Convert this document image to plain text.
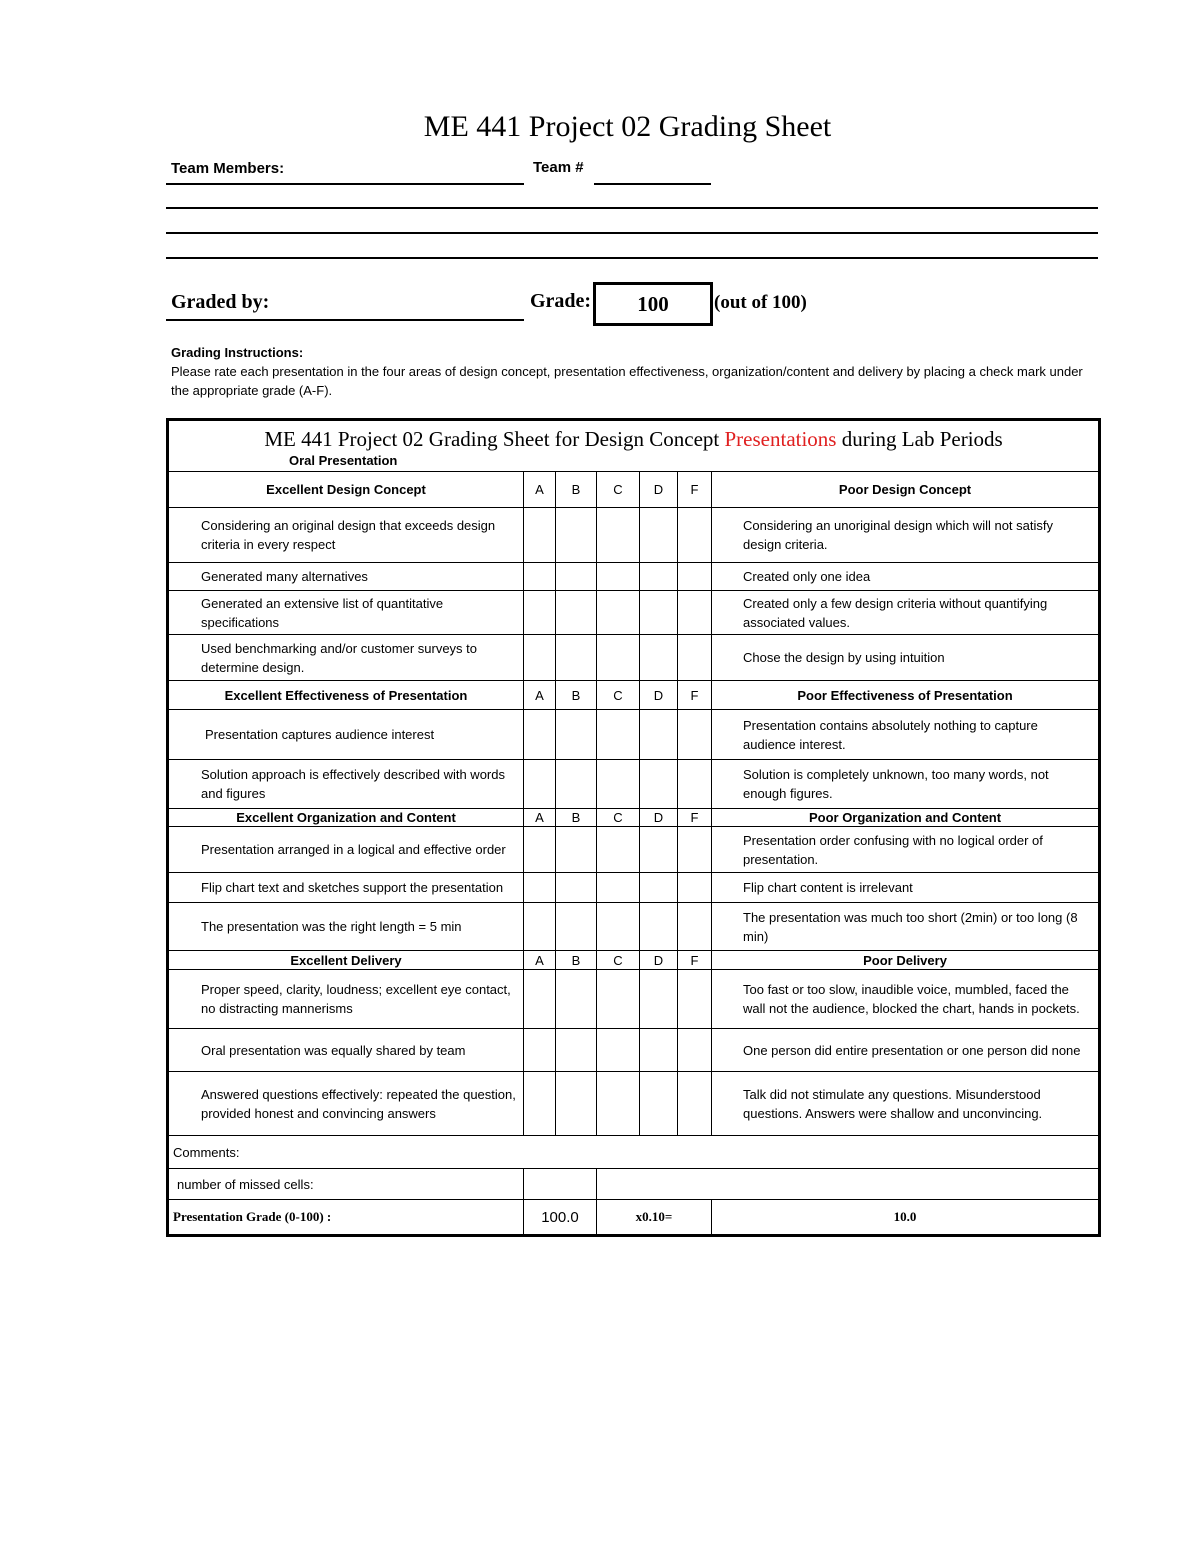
ME 441 Project 02 Grading Sheet
Team Members:	Team #
Graded by:	Grade:	100	(out of 100)
Grading Instructions:
Please rate each presentation in the four areas of design concept, presentation effectiveness, organization/content and delivery by placing a check mark under the appropriate grade (A-F).
ME 441 Project 02 Grading Sheet for Design Concept Presentations during Lab Periods
Oral Presentation						

Excellent Design Concept	A	B	C	D	F	Poor Design Concept
Considering an original design that exceeds design criteria in every respect						Considering an unoriginal design which will not satisfy design criteria.
Generated many alternatives						Created only one idea
Generated an extensive list of quantitative specifications						Created only a few design criteria without quantifying associated values.
Used benchmarking and/or customer surveys to determine design.						Chose the design by using intuition
Excellent Effectiveness of Presentation	A	B	C	D	F	Poor Effectiveness of Presentation
Presentation captures audience interest						Presentation contains absolutely nothing to capture audience interest.
Solution approach is effectively described with words and figures						Solution is completely unknown, too many words, not enough figures.
Excellent Organization and Content	A	B	C	D	F	Poor Organization and Content
Presentation arranged in a logical and effective order						Presentation order confusing with no logical order of presentation.
Flip chart text and sketches support the presentation						Flip chart content is irrelevant
The presentation was the right length = 5 min						The presentation was much too short (2min) or too long (8 min)
Excellent Delivery	A	B	C	D	F	Poor Delivery
Proper speed, clarity, loudness; excellent eye contact, no distracting mannerisms						Too fast or too slow, inaudible voice, mumbled, faced the wall not the audience, blocked the chart, hands in pockets.
Oral presentation was equally shared by team						One person did entire presentation or one person did none
Answered questions effectively: repeated the question, provided honest and convincing answers						Talk did not stimulate any questions. Misunderstood questions. Answers were shallow and unconvincing.
Comments:						
number of missed cells:						
Presentation Grade (0-100) :	100.0		x0.10=			10.0
